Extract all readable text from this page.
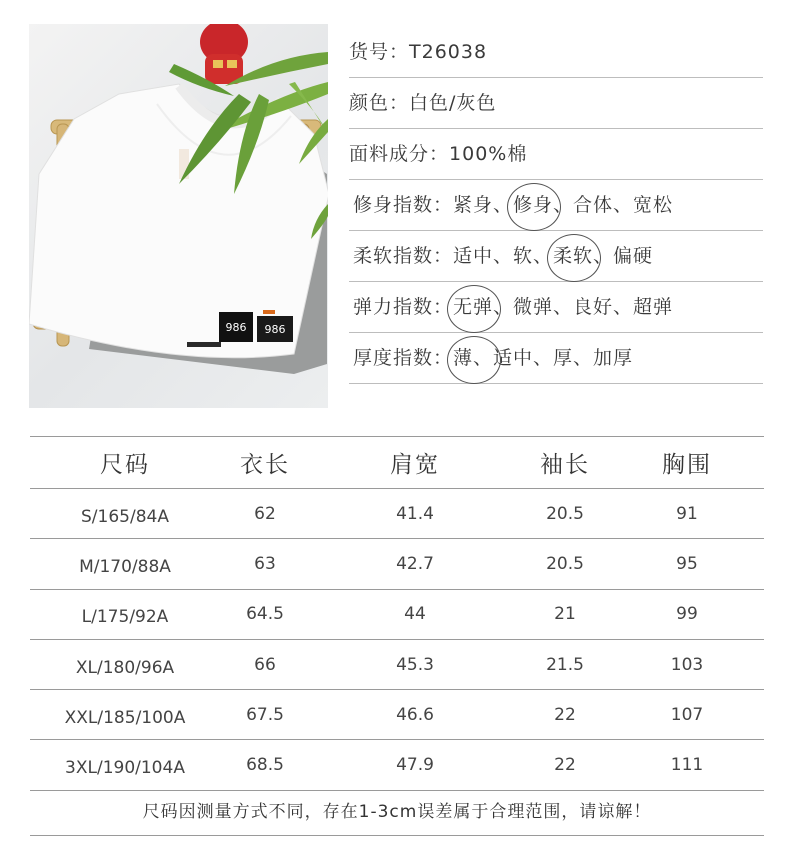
986 986
货号：T26038
颜色：白色/灰色
面料成分：100%棉
修身指数：紧身、修身、合体、宽松
柔软指数：适中、软、柔软、偏硬
弹力指数：无弹、微弹、良好、超弹
厚度指数：薄、适中、厚、加厚
尺码	衣长	肩宽	袖长	胸围
S/165/84A	62	41.4	20.5	91
M/170/88A	63	42.7	20.5	95
L/175/92A	64.5	44	21	99
XL/180/96A	66	45.3	21.5	103
XXL/185/100A	67.5	46.6	22	107
3XL/190/104A	68.5	47.9	22	111
尺码因测量方式不同，存在1-3cm误差属于合理范围，请谅解！
